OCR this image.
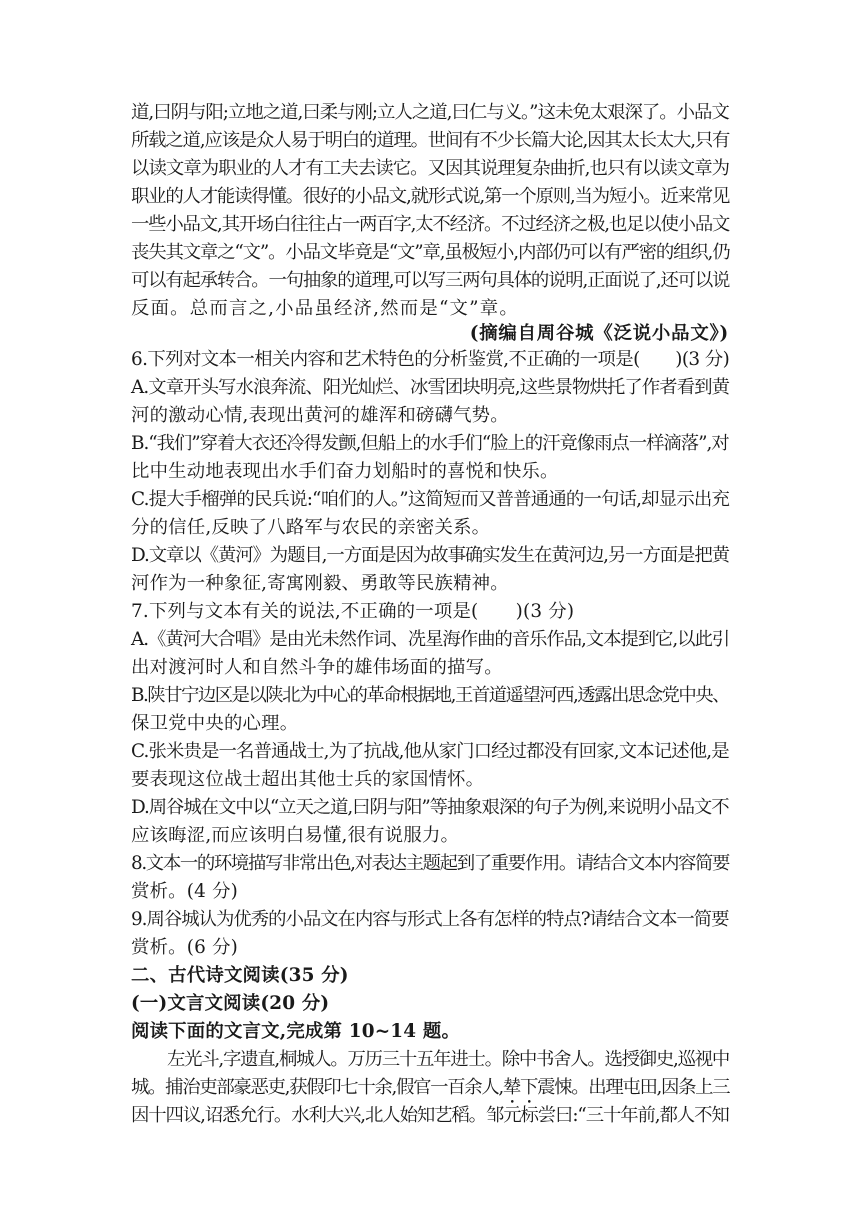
道,曰阴与阳;立地之道,曰柔与刚;立人之道,曰仁与义。”这未免太艰深了。小品文
所载之道,应该是众人易于明白的道理。世间有不少长篇大论,因其太长太大,只有
以读文章为职业的人才有工夫去读它。又因其说理复杂曲折,也只有以读文章为
职业的人才能读得懂。很好的小品文,就形式说,第一个原则,当为短小。近来常见
一些小品文,其开场白往往占一两百字,太不经济。不过经济之极,也足以使小品文
丧失其文章之“文”。小品文毕竟是“文”章,虽极短小,内部仍可以有严密的组织,仍
可以有起承转合。一句抽象的道理,可以写三两句具体的说明,正面说了,还可以说
反面。总而言之,小品虽经济,然而是“文”章。
(摘编自周谷城《泛说小品文》)
6.下列对文本一相关内容和艺术特色的分析鉴赏,不正确的一项是(　　)(3 分)
A.文章开头写水浪奔流、阳光灿烂、冰雪团块明亮,这些景物烘托了作者看到黄
河的激动心情,表现出黄河的雄浑和磅礴气势。
B.“我们”穿着大衣还冷得发颤,但船上的水手们“脸上的汗竟像雨点一样滴落”,对
比中生动地表现出水手们奋力划船时的喜悦和快乐。
C.提大手榴弹的民兵说:“咱们的人。”这简短而又普普通通的一句话,却显示出充
分的信任,反映了八路军与农民的亲密关系。
D.文章以《黄河》为题目,一方面是因为故事确实发生在黄河边,另一方面是把黄
河作为一种象征,寄寓刚毅、勇敢等民族精神。
7.下列与文本有关的说法,不正确的一项是(　　)(3 分)
A.《黄河大合唱》是由光未然作词、冼星海作曲的音乐作品,文本提到它,以此引
出对渡河时人和自然斗争的雄伟场面的描写。
B.陕甘宁边区是以陕北为中心的革命根据地,王首道遥望河西,透露出思念党中央、
保卫党中央的心理。
C.张米贵是一名普通战士,为了抗战,他从家门口经过都没有回家,文本记述他,是
要表现这位战士超出其他士兵的家国情怀。
D.周谷城在文中以“立天之道,曰阴与阳”等抽象艰深的句子为例,来说明小品文不
应该晦涩,而应该明白易懂,很有说服力。
8.文本一的环境描写非常出色,对表达主题起到了重要作用。请结合文本内容简要
赏析。(4 分)
9.周谷城认为优秀的小品文在内容与形式上各有怎样的特点?请结合文本一简要
赏析。(6 分)
二、古代诗文阅读(35 分)
(一)文言文阅读(20 分)
阅读下面的文言文,完成第 10~14 题。
左光斗,字遗直,桐城人。万历三十五年进士。除中书舍人。选授御史,巡视中
城。捕治吏部豪恶吏,获假印七十余,假官一百余人,辇下震悚。出理屯田,因条上三
因十四议,诏悉允行。水利大兴,北人始知艺稻。邹元标尝曰:“三十年前,都人不知
